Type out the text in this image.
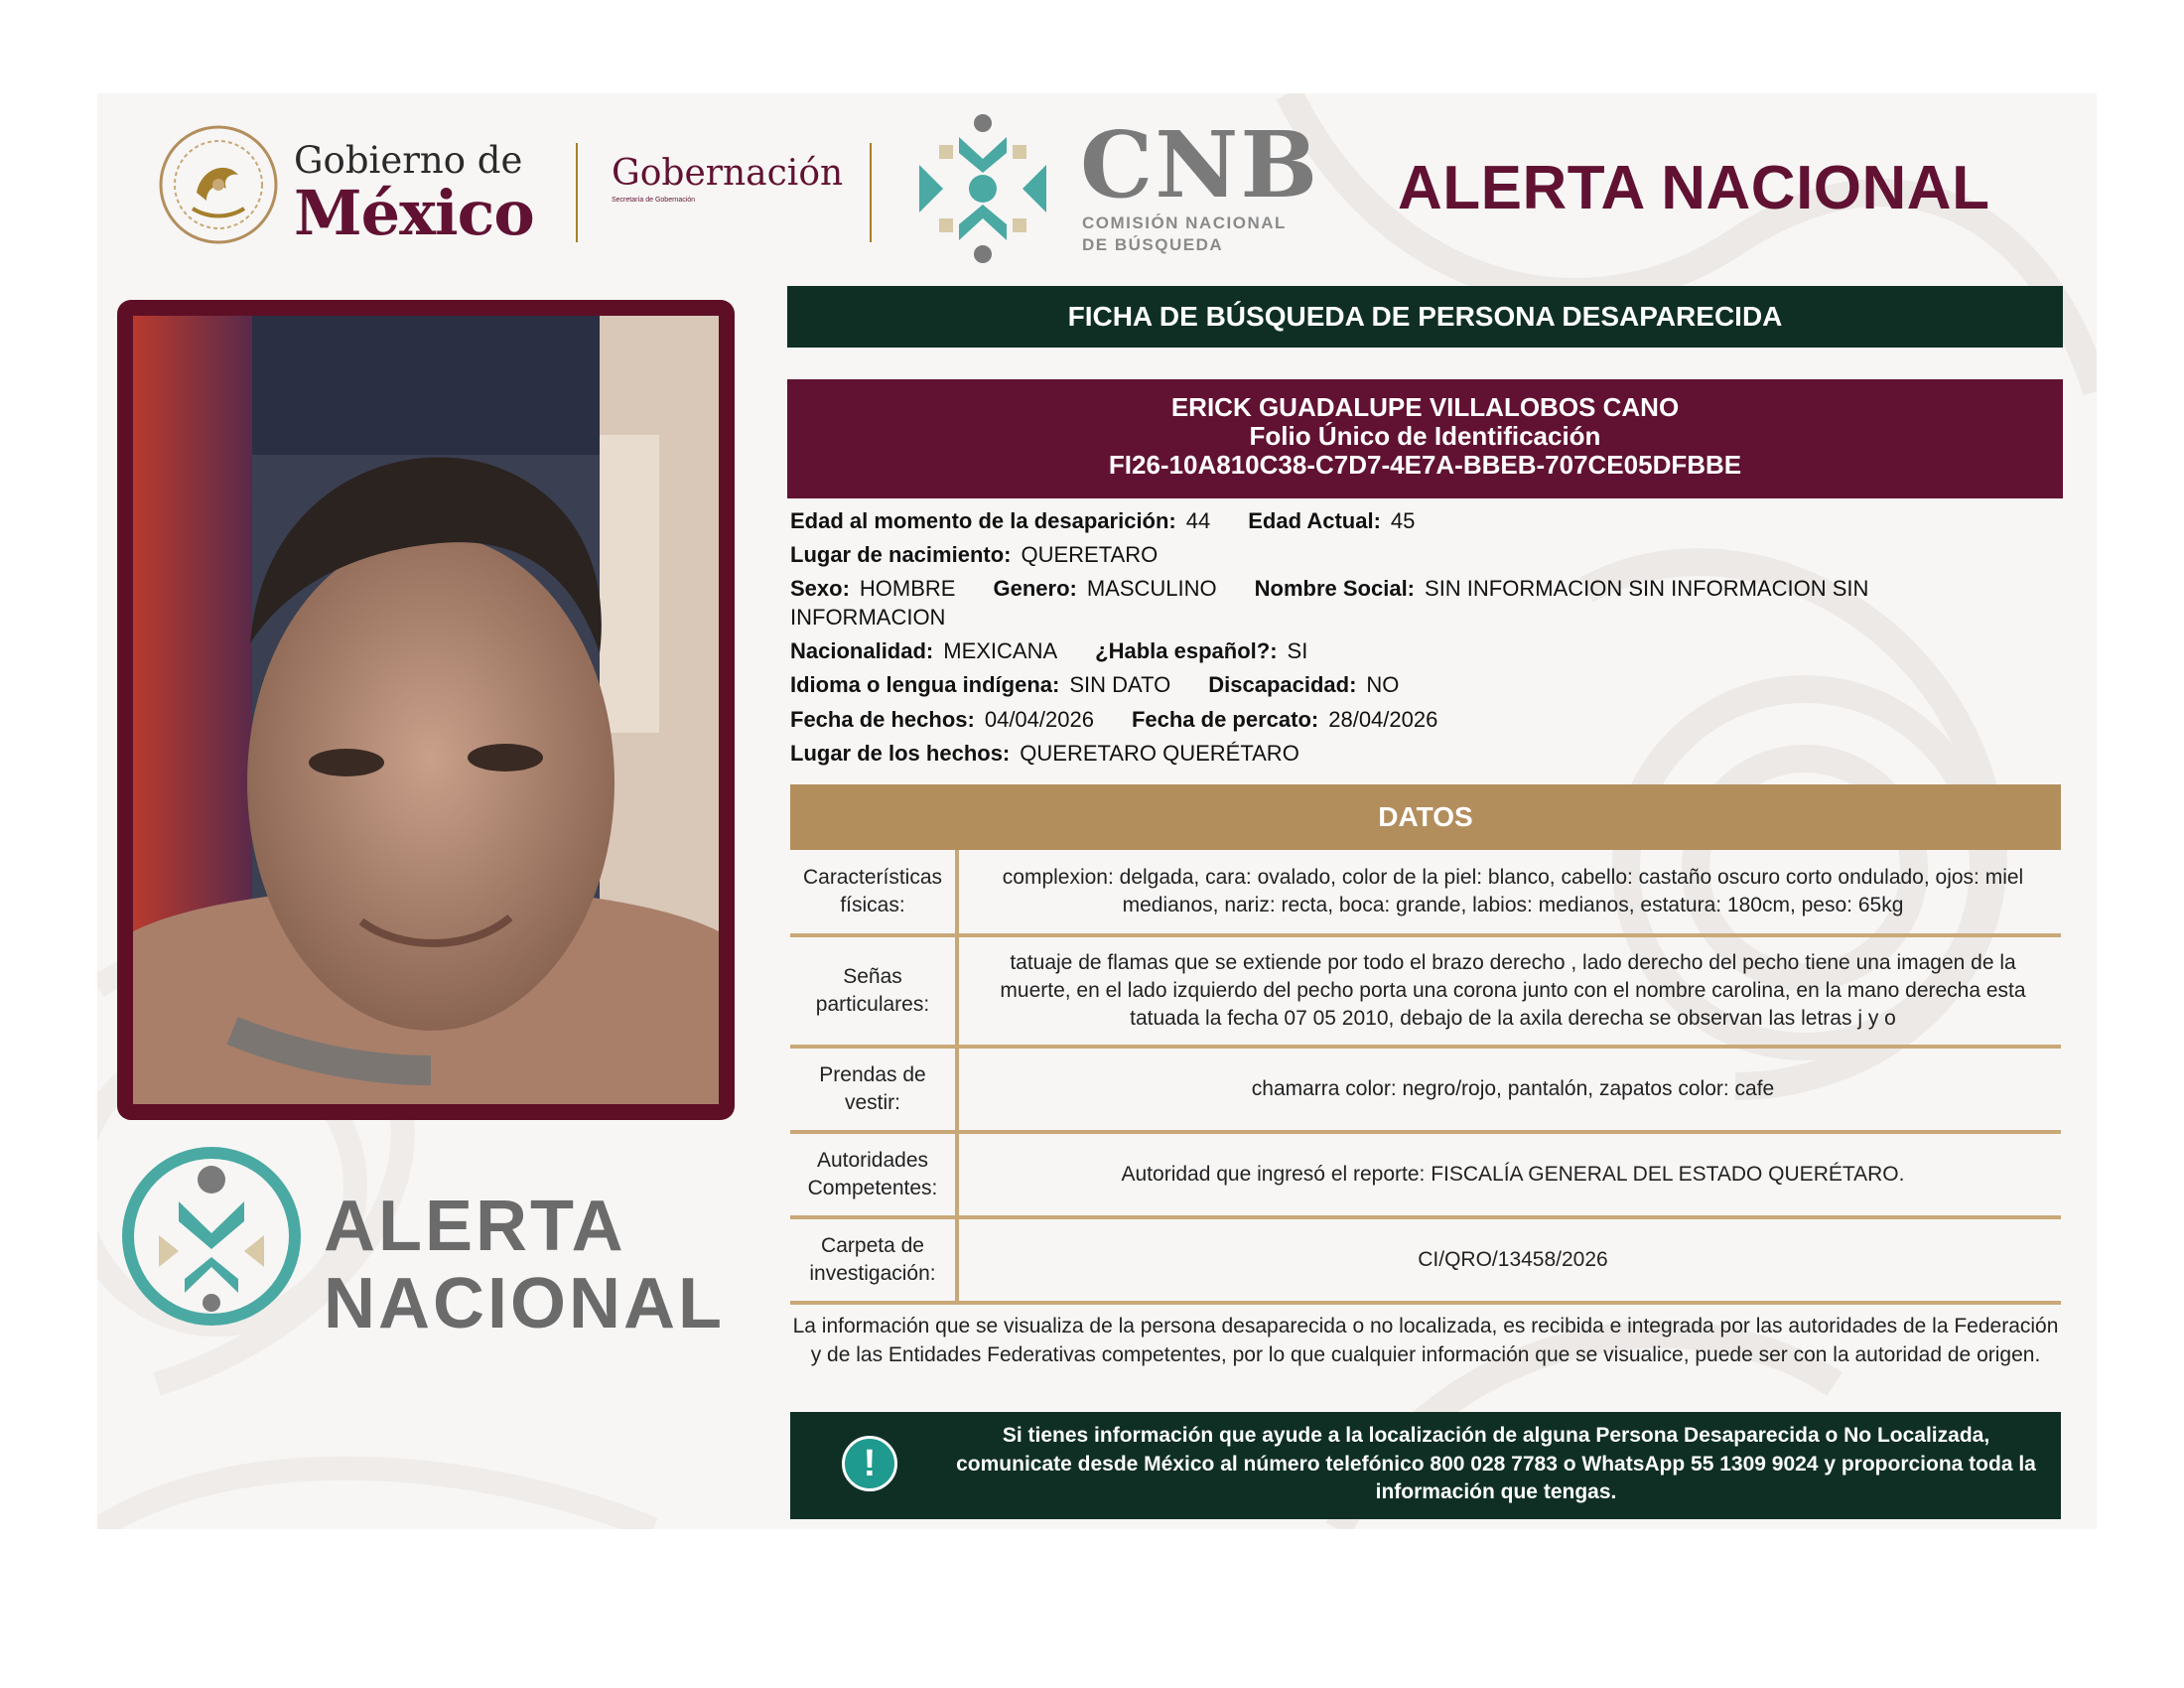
Gobierno de
México
Gobernación
Secretaría de Gobernación	CNB
COMISIÓN NACIONAL
DE BÚSQUEDA
ALERTA NACIONAL
ALERTA
NACIONAL
FICHA DE BÚSQUEDA DE PERSONA DESAPARECIDA
ERICK GUADALUPE VILLALOBOS CANO
Folio Único de Identificación
FI26-10A810C38-C7D7-4E7A-BBEB-707CE05DFBBE
Edad al momento de la desaparición: 44 Edad Actual: 45
Lugar de nacimiento: QUERETARO
Sexo: HOMBRE Genero: MASCULINO Nombre Social: SIN INFORMACION SIN INFORMACION SIN
INFORMACION
Nacionalidad: MEXICANA ¿Habla español?: SI
Idioma o lengua indígena: SIN DATO Discapacidad: NO
Fecha de hechos: 04/04/2026 Fecha de percato: 28/04/2026
Lugar de los hechos: QUERETARO QUERÉTARO
DATOS
Características físicas:
complexion: delgada, cara: ovalado, color de la piel: blanco, cabello: castaño oscuro corto ondulado, ojos: miel medianos, nariz: recta, boca: grande, labios: medianos, estatura: 180cm, peso: 65kg
Señas particulares:
tatuaje de flamas que se extiende por todo el brazo derecho , lado derecho del pecho tiene una imagen de la muerte, en el lado izquierdo del pecho porta una corona junto con el nombre carolina, en la mano derecha esta tatuada la fecha 07 05 2010, debajo de la axila derecha se observan las letras j y o
Prendas de vestir:
chamarra color: negro/rojo, pantalón, zapatos color: cafe
Autoridades Competentes:
Autoridad que ingresó el reporte: FISCALÍA GENERAL DEL ESTADO QUERÉTARO.
Carpeta de investigación:
CI/QRO/13458/2026
La información que se visualiza de la persona desaparecida o no localizada, es recibida e integrada por las autoridades de la Federación y de las Entidades Federativas competentes, por lo que cualquier información que se visualice, puede ser con la autoridad de origen.
!
Si tienes información que ayude a la localización de alguna Persona Desaparecida o No Localizada, comunicate desde México al número telefónico 800 028 7783 o WhatsApp 55 1309 9024 y proporciona toda la información que tengas.
